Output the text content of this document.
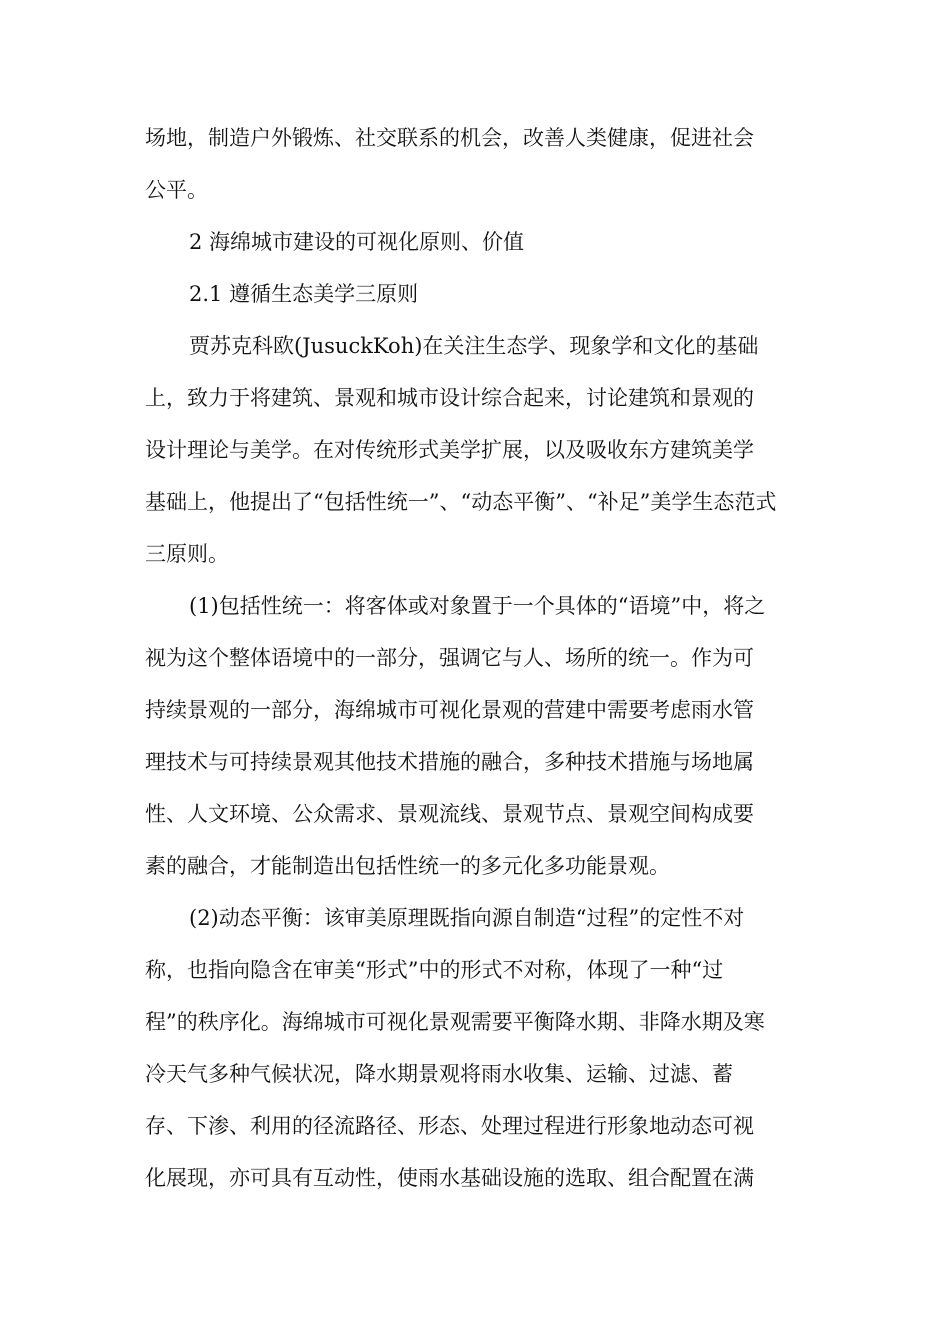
场地，制造户外锻炼、社交联系的机会，改善人类健康，促进社会

公平。

2 海绵城市建设的可视化原则、价值

2.1 遵循生态美学三原则

贾苏克科欧(JusuckKoh)在关注生态学、现象学和文化的基础

上，致力于将建筑、景观和城市设计综合起来，讨论建筑和景观的

设计理论与美学。在对传统形式美学扩展，以及吸收东方建筑美学

基础上，他提出了“包括性统一”、“动态平衡”、“补足”美学生态范式

三原则。

(1)包括性统一：将客体或对象置于一个具体的“语境”中，将之

视为这个整体语境中的一部分，强调它与人、场所的统一。作为可

持续景观的一部分，海绵城市可视化景观的营建中需要考虑雨水管

理技术与可持续景观其他技术措施的融合，多种技术措施与场地属

性、人文环境、公众需求、景观流线、景观节点、景观空间构成要

素的融合，才能制造出包括性统一的多元化多功能景观。

(2)动态平衡：该审美原理既指向源自制造“过程”的定性不对

称，也指向隐含在审美“形式”中的形式不对称，体现了一种“过

程”的秩序化。海绵城市可视化景观需要平衡降水期、非降水期及寒

冷天气多种气候状况，降水期景观将雨水收集、运输、过滤、蓄

存、下渗、利用的径流路径、形态、处理过程进行形象地动态可视

化展现，亦可具有互动性，使雨水基础设施的选取、组合配置在满
